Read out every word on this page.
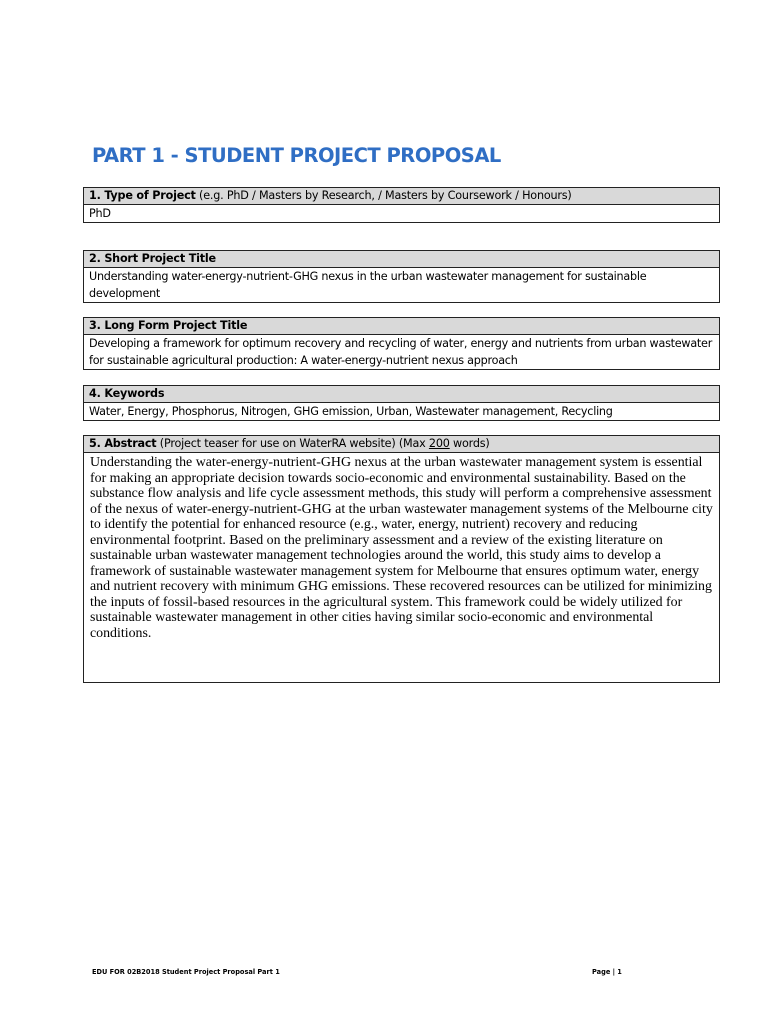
PART 1 - STUDENT PROJECT PROPOSAL
1. Type of Project (e.g. PhD / Masters by Research, / Masters by Coursework / Honours)
PhD
2. Short Project Title
Understanding water-energy-nutrient-GHG nexus in the urban wastewater management for sustainable development
3. Long Form Project Title
Developing a framework for optimum recovery and recycling of water, energy and nutrients from urban wastewater for sustainable agricultural production: A water-energy-nutrient nexus approach
4. Keywords
Water, Energy, Phosphorus, Nitrogen, GHG emission, Urban, Wastewater management, Recycling
5. Abstract (Project teaser for use on WaterRA website) (Max 200 words)
Understanding the water-energy-nutrient-GHG nexus at the urban wastewater management system is essential for making an appropriate decision towards socio-economic and environmental sustainability. Based on the substance flow analysis and life cycle assessment methods, this study will perform a comprehensive assessment of the nexus of water-energy-nutrient-GHG at the urban wastewater management systems of the Melbourne city to identify the potential for enhanced resource (e.g., water, energy, nutrient) recovery and reducing environmental footprint. Based on the preliminary assessment and a review of the existing literature on sustainable urban wastewater management technologies around the world, this study aims to develop a framework of sustainable wastewater management system for Melbourne that ensures optimum water, energy and nutrient recovery with minimum GHG emissions. These recovered resources can be utilized for minimizing the inputs of fossil-based resources in the agricultural system. This framework could be widely utilized for sustainable wastewater management in other cities having similar socio-economic and environmental conditions.
EDU FOR 02B2018 Student Project Proposal Part 1	Page | 1
